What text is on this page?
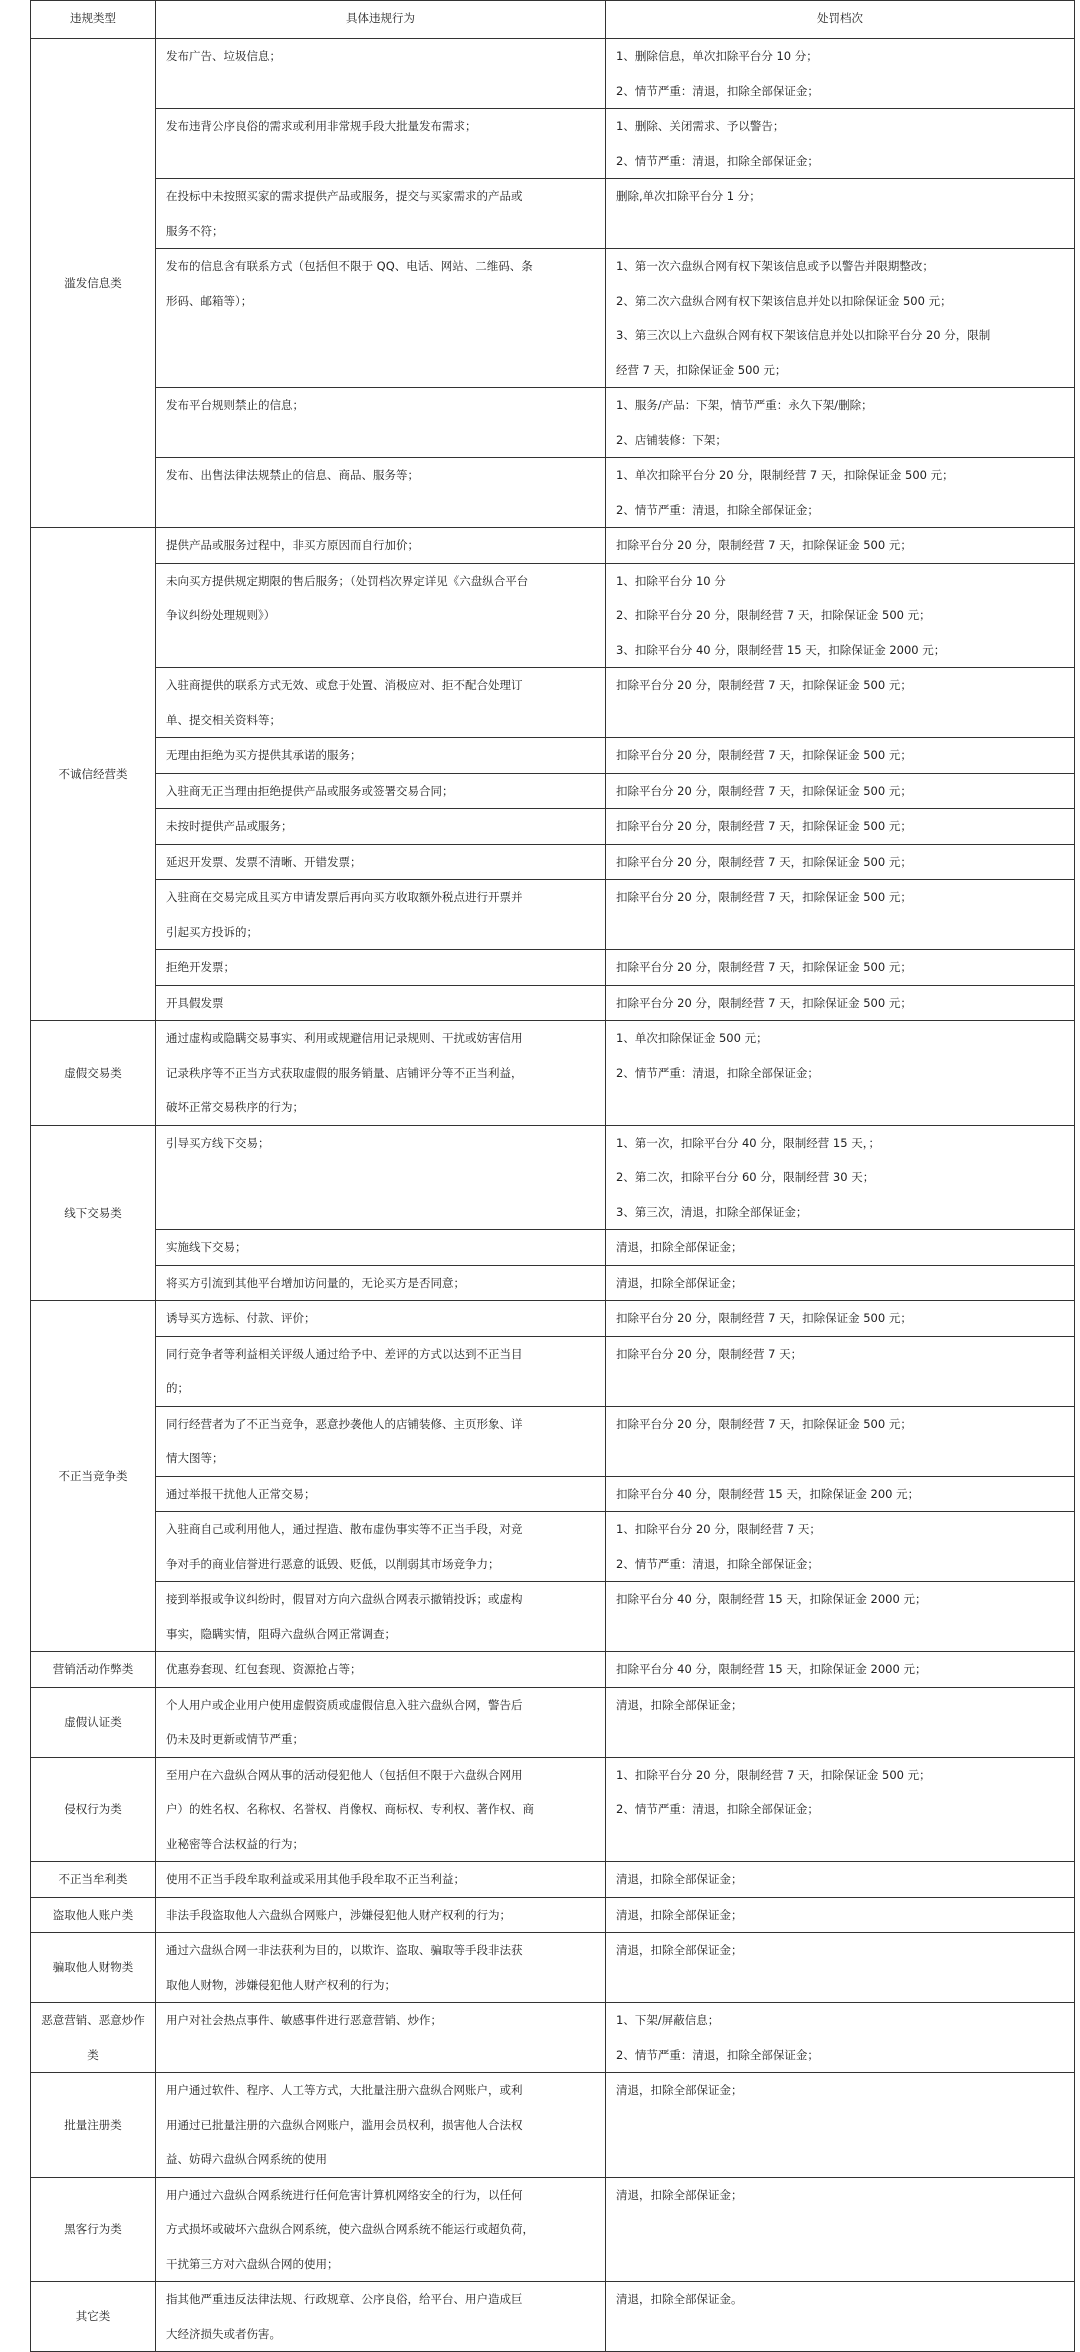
违规类型	具体违规行为	处罚档次
滥发信息类	发布广告、垃圾信息；	1、删除信息，单次扣除平台分 10 分；
2、情节严重：清退，扣除全部保证金；

	发布违背公序良俗的需求或利用非常规手段大批量发布需求；	1、删除、关闭需求、予以警告；
2、情节严重：清退，扣除全部保证金；

	在投标中未按照买家的需求提供产品或服务，提交与买家需求的产品或
服务不符；	删除,单次扣除平台分 1 分；

	发布的信息含有联系方式（包括但不限于 QQ、电话、网站、二维码、条
形码、邮箱等）；	1、第一次六盘纵合网有权下架该信息或予以警告并限期整改；
2、第二次六盘纵合网有权下架该信息并处以扣除保证金 500 元；
3、第三次以上六盘纵合网有权下架该信息并处以扣除平台分 20 分，限制
经营 7 天，扣除保证金 500 元；

	发布平台规则禁止的信息；	1、服务/产品：下架，情节严重：永久下架/删除；
2、店铺装修：下架；

	发布、出售法律法规禁止的信息、商品、服务等；	1、单次扣除平台分 20 分，限制经营 7 天，扣除保证金 500 元；
2、情节严重：清退，扣除全部保证金；

不诚信经营类	提供产品或服务过程中，非买方原因而自行加价；	扣除平台分 20 分，限制经营 7 天，扣除保证金 500 元；

	未向买方提供规定期限的售后服务；（处罚档次界定详见《六盘纵合平台
争议纠纷处理规则》）	1、扣除平台分 10 分
2、扣除平台分 20 分，限制经营 7 天，扣除保证金 500 元；
3、扣除平台分 40 分，限制经营 15 天，扣除保证金 2000 元；

	入驻商提供的联系方式无效、或怠于处置、消极应对、拒不配合处理订
单、提交相关资料等；	扣除平台分 20 分，限制经营 7 天，扣除保证金 500 元；

	无理由拒绝为买方提供其承诺的服务；	扣除平台分 20 分，限制经营 7 天，扣除保证金 500 元；

	入驻商无正当理由拒绝提供产品或服务或签署交易合同；	扣除平台分 20 分，限制经营 7 天，扣除保证金 500 元；

	未按时提供产品或服务；	扣除平台分 20 分，限制经营 7 天，扣除保证金 500 元；

	延迟开发票、发票不清晰、开错发票；	扣除平台分 20 分，限制经营 7 天，扣除保证金 500 元；

	入驻商在交易完成且买方申请发票后再向买方收取额外税点进行开票并
引起买方投诉的；	扣除平台分 20 分，限制经营 7 天，扣除保证金 500 元；

	拒绝开发票；	扣除平台分 20 分，限制经营 7 天，扣除保证金 500 元；

	开具假发票	扣除平台分 20 分，限制经营 7 天，扣除保证金 500 元；

虚假交易类	通过虚构或隐瞒交易事实、利用或规避信用记录规则、干扰或妨害信用
记录秩序等不正当方式获取虚假的服务销量、店铺评分等不正当利益，
破坏正常交易秩序的行为；	1、单次扣除保证金 500 元；
2、情节严重：清退，扣除全部保证金；

线下交易类	引导买方线下交易；	1、第一次，扣除平台分 40 分，限制经营 15 天，；
2、第二次，扣除平台分 60 分，限制经营 30 天；
3、第三次，清退，扣除全部保证金；

	实施线下交易；	清退，扣除全部保证金；

	将买方引流到其他平台增加访问量的，无论买方是否同意；	清退，扣除全部保证金；

不正当竞争类	诱导买方选标、付款、评价；	扣除平台分 20 分，限制经营 7 天，扣除保证金 500 元；

	同行竞争者等利益相关评级人通过给予中、差评的方式以达到不正当目
的；	扣除平台分 20 分，限制经营 7 天；

	同行经营者为了不正当竞争，恶意抄袭他人的店铺装修、主页形象、详
情大图等；	扣除平台分 20 分，限制经营 7 天，扣除保证金 500 元；

	通过举报干扰他人正常交易；	扣除平台分 40 分，限制经营 15 天，扣除保证金 200 元；

	入驻商自己或利用他人，通过捏造、散布虚伪事实等不正当手段，对竞
争对手的商业信誉进行恶意的诋毁、贬低，以削弱其市场竞争力；	1、扣除平台分 20 分，限制经营 7 天；
2、情节严重：清退，扣除全部保证金；

	接到举报或争议纠纷时，假冒对方向六盘纵合网表示撤销投诉；或虚构
事实，隐瞒实情，阻碍六盘纵合网正常调查；	扣除平台分 40 分，限制经营 15 天，扣除保证金 2000 元；

营销活动作弊类	优惠券套现、红包套现、资源抢占等；	扣除平台分 40 分，限制经营 15 天，扣除保证金 2000 元；

虚假认证类	个人用户或企业用户使用虚假资质或虚假信息入驻六盘纵合网，警告后
仍未及时更新或情节严重；	清退，扣除全部保证金；

侵权行为类	至用户在六盘纵合网从事的活动侵犯他人（包括但不限于六盘纵合网用
户）的姓名权、名称权、名誉权、肖像权、商标权、专利权、著作权、商
业秘密等合法权益的行为；	1、扣除平台分 20 分，限制经营 7 天，扣除保证金 500 元；
2、情节严重：清退，扣除全部保证金；

不正当牟利类	使用不正当手段牟取利益或采用其他手段牟取不正当利益；	清退，扣除全部保证金；

盗取他人账户类	非法手段盗取他人六盘纵合网账户，涉嫌侵犯他人财产权利的行为；	清退，扣除全部保证金；

骗取他人财物类	通过六盘纵合网一非法获利为目的，以欺诈、盗取、骗取等手段非法获
取他人财物，涉嫌侵犯他人财产权利的行为；	清退，扣除全部保证金；

恶意营销、恶意炒作类	用户对社会热点事件、敏感事件进行恶意营销、炒作；	1、下架/屏蔽信息；
2、情节严重：清退，扣除全部保证金；

批量注册类	用户通过软件、程序、人工等方式，大批量注册六盘纵合网账户，或利
用通过已批量注册的六盘纵合网账户，滥用会员权利，损害他人合法权
益、妨碍六盘纵合网系统的使用	清退，扣除全部保证金；

黑客行为类	用户通过六盘纵合网系统进行任何危害计算机网络安全的行为，以任何
方式损坏或破坏六盘纵合网系统，使六盘纵合网系统不能运行或超负荷，
干扰第三方对六盘纵合网的使用；	清退，扣除全部保证金；

其它类	指其他严重违反法律法规、行政规章、公序良俗，给平台、用户造成巨
大经济损失或者伤害。	清退，扣除全部保证金。
